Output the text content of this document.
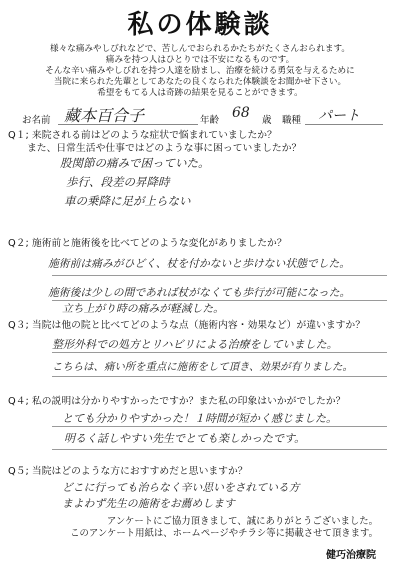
私の体験談
様々な痛みやしびれなどで、苦しんでおられるかたちがたくさんおられます。
痛みを持つ人はひとりでは不安になるものです。
そんな辛い痛みやしびれを持つ人達を励まし、治療を続ける勇気を与えるために
当院に来られた先輩としてあなたの良くなられた体験談をお聞かせ下さい。
希望をもてる人は奇跡の結果を見ることができます。
お名前 藏本百合子	年齢 68 歳 職種 パート
Q１; 来院される前はどのような症状で悩まれていましたか？
また、日常生活や仕事ではどのような事に困っていましたか？
股関節の痛みで困っていた。
歩行、段差の昇降時
車の乗降に足が上らない
Q２; 施術前と施術後を比べてどのような変化がありましたか？
施術前は痛みがひどく、杖を付かないと歩けない状態でした。
施術後は少しの間であれば杖がなくても歩行が可能になった。
立ち上がり時の痛みが軽減した。
Q３; 当院は他の院と比べてどのような点（施術内容・効果など）が違いますか？
整形外科での処方とリハビリによる治療をしていました。
こちらは、痛い所を重点に施術をして頂き、効果が有りました。
Q４; 私の説明は分かりやすかったですか？また私の印象はいかがでしたか？
とても分かりやすかった！１時間が短かく感じました。
明るく話しやすい先生でとても楽しかったです。
Q５; 当院はどのような方におすすめだと思いますか？
どこに行っても治らなく辛い思いをされている方
まよわず先生の施術をお薦めします
アンケートにご協力頂きまして、誠にありがとうございました。
このアンケート用紙は、ホームページやチラシ等に掲載させて頂きます。
健巧治療院
